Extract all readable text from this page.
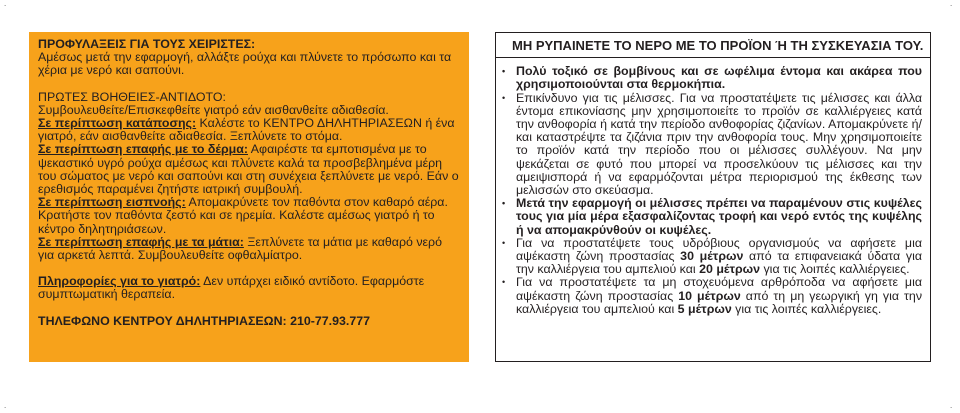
.	.
.	.

ΠΡΟΦΥΛΑΞΕΙΣ ΓΙΑ ΤΟΥΣ ΧΕΙΡΙΣΤΕΣ:
Αμέσως μετά την εφαρμογή, αλλάξτε ρούχα και πλύνετε το πρόσωπο και τα χέρια με νερό και σαπούνι.

ΠΡΩΤΕΣ ΒΟΗΘΕΙΕΣ-ΑΝΤΙΔΟΤΟ:
Συμβουλευθείτε/Επισκεφθείτε γιατρό εάν αισθανθείτε αδιαθεσία.
Σε περίπτωση κατάποσης: Καλέστε το ΚΕΝΤΡΟ ΔΗΛΗΤΗΡΙΑΣΕΩΝ ή ένα γιατρό, εάν αισθανθείτε αδιαθεσία. Ξεπλύνετε το στόμα.
Σε περίπτωση επαφής με το δέρμα: Αφαιρέστε τα εμποτισμένα με το ψεκαστικό υγρό ρούχα αμέσως και πλύνετε καλά τα προσβεβλημένα μέρη του σώματος με νερό και σαπούνι και στη συνέχεια ξεπλύνετε με νερό. Εάν ο ερεθισμός παραμένει ζητήστε ιατρική συμβουλή.
Σε περίπτωση εισπνοής: Απομακρύνετε τον παθόντα στον καθαρό αέρα. Κρατήστε τον παθόντα ζεστό και σε ηρεμία. Καλέστε αμέσως γιατρό ή το κέντρο δηλητηριάσεων.
Σε περίπτωση επαφής με τα μάτια: Ξεπλύνετε τα μάτια με καθαρό νερό για αρκετά λεπτά. Συμβουλευθείτε οφθαλμίατρο.

Πληροφορίες για το γιατρό: Δεν υπάρχει ειδικό αντίδοτο. Εφαρμόστε συμπτωματική θεραπεία.

ΤΗΛΕΦΩΝΟ ΚΕΝΤΡΟΥ ΔΗΛΗΤΗΡΙΑΣΕΩΝ: 210-77.93.777

ΜΗ ΡΥΠΑΙΝΕΤΕ ΤΟ ΝΕΡΟ ΜΕ ΤΟ ΠΡΟΪΟΝ Ή ΤΗ ΣΥΣΚΕΥΑΣΙΑ ΤΟΥ.
• Πολύ τοξικό σε βομβίνους και σε ωφέλιμα έντομα και ακάρεα που χρησιμοποιούνται στα θερμοκήπια.
• Επικίνδυνο για τις μέλισσες. Για να προστατέψετε τις μέλισσες και άλλα έντομα επικονίασης μην χρησιμοποιείτε το προϊόν σε καλλιέργειες κατά την ανθοφορία ή κατά την περίοδο ανθοφορίας ζιζανίων. Απομακρύνετε ή/και καταστρέψτε τα ζιζάνια πριν την ανθοφορία τους. Μην χρησιμοποιείτε το προϊόν κατά την περίοδο που οι μέλισσες συλλέγουν. Να μην ψεκάζεται σε φυτό που μπορεί να προσελκύουν τις μέλισσες και την αμειψισπορά ή να εφαρμόζονται μέτρα περιορισμού της έκθεσης των μελισσών στο σκεύασμα.
• Μετά την εφαρμογή οι μέλισσες πρέπει να παραμένουν στις κυψέλες τους για μία μέρα εξασφαλίζοντας τροφή και νερό εντός της κυψέλης ή να απομακρύνθούν οι κυψέλες.
• Για να προστατέψετε τους υδρόβιους οργανισμούς να αφήσετε μια αψέκαστη ζώνη προστασίας 30 μέτρων από τα επιφανειακά ύδατα για την καλλιέργεια του αμπελιού και 20 μέτρων για τις λοιπές καλλιέργειες.
• Για να προστατέψετε τα μη στοχευόμενα αρθρόποδα να αφήσετε μια αψέκαστη ζώνη προστασίας 10 μέτρων από τη μη γεωργική γη για την καλλιέργεια του αμπελιού και 5 μέτρων για τις λοιπές καλλιέργειες.
